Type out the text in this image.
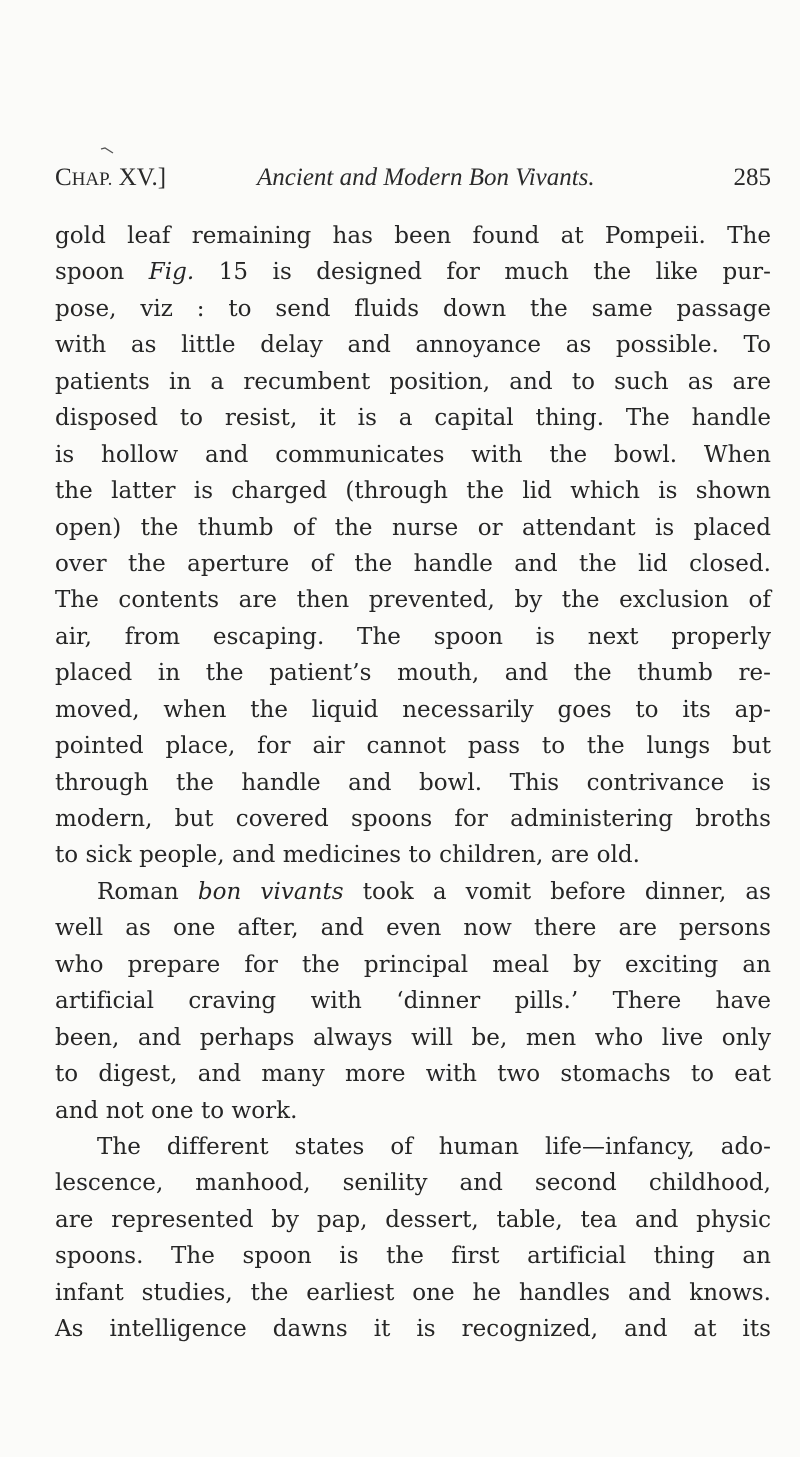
CHAP. XV.]	Ancient and Modern Bon Vivants.	285
gold leaf remaining has been found at Pompeii. The
spoon Fig. 15 is designed for much the like pur-
pose, viz : to send fluids down the same passage
with as little delay and annoyance as possible. To
patients in a recumbent position, and to such as are
disposed to resist, it is a capital thing. The handle
is hollow and communicates with the bowl. When
the latter is charged (through the lid which is shown
open) the thumb of the nurse or attendant is placed
over the aperture of the handle and the lid closed.
The contents are then prevented, by the exclusion of
air, from escaping. The spoon is next properly
placed in the patient’s mouth, and the thumb re-
moved, when the liquid necessarily goes to its ap-
pointed place, for air cannot pass to the lungs but
through the handle and bowl. This contrivance is
modern, but covered spoons for administering broths
to sick people, and medicines to children, are old.
Roman bon vivants took a vomit before dinner, as
well as one after, and even now there are persons
who prepare for the principal meal by exciting an
artificial craving with ‘dinner pills.’ There have
been, and perhaps always will be, men who live only
to digest, and many more with two stomachs to eat
and not one to work.
The different states of human life—infancy, ado-
lescence, manhood, senility and second childhood,
are represented by pap, dessert, table, tea and physic
spoons. The spoon is the first artificial thing an
infant studies, the earliest one he handles and knows.
As intelligence dawns it is recognized, and at its
